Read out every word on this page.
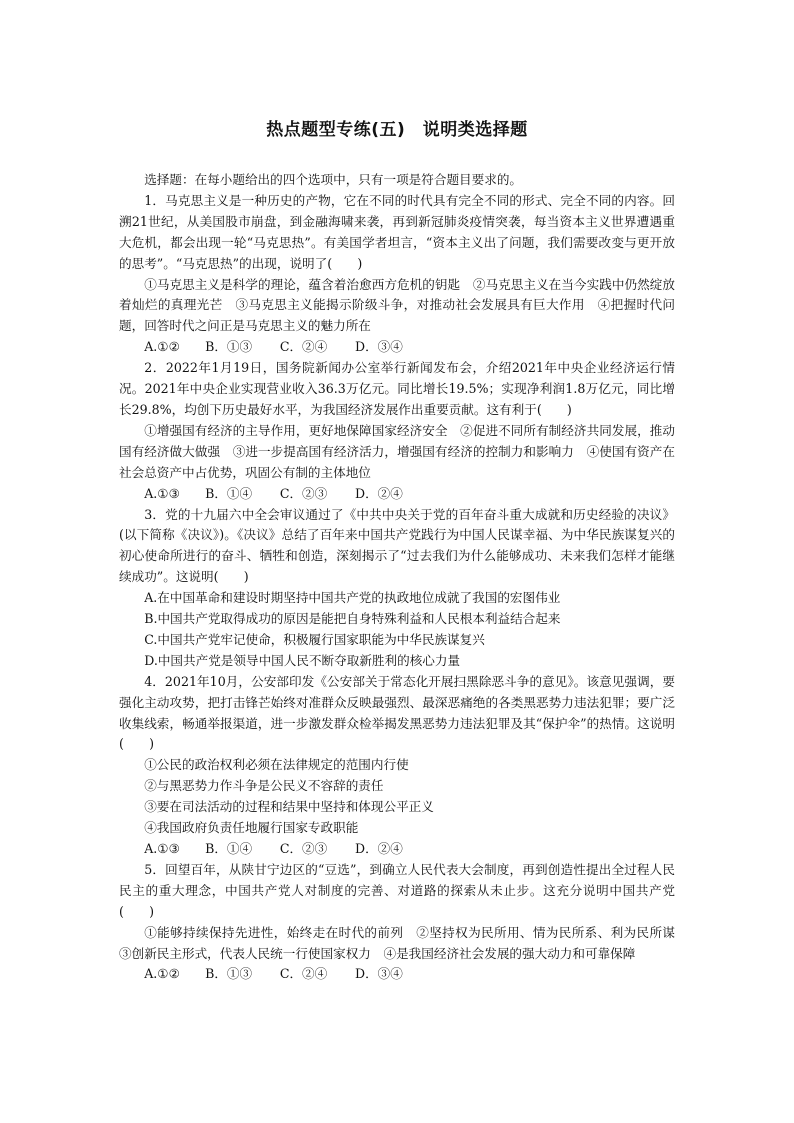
热点题型专练(五)　说明类选择题

选择题：在每小题给出的四个选项中，只有一项是符合题目要求的。

1．马克思主义是一种历史的产物，它在不同的时代具有完全不同的形式、完全不同的内容。回溯21世纪，从美国股市崩盘，到金融海啸来袭，再到新冠肺炎疫情突袭，每当资本主义世界遭遇重大危机，都会出现一轮“马克思热”。有美国学者坦言，“资本主义出了问题，我们需要改变与更开放的思考”。“马克思热”的出现，说明了(　　)

①马克思主义是科学的理论，蕴含着治愈西方危机的钥匙　②马克思主义在当今实践中仍然绽放着灿烂的真理光芒　③马克思主义能揭示阶级斗争，对推动社会发展具有巨大作用　④把握时代问题，回答时代之问正是马克思主义的魅力所在

A.①② B．①③ C．②④ D．③④

2．2022年1月19日，国务院新闻办公室举行新闻发布会，介绍2021年中央企业经济运行情况。2021年中央企业实现营业收入36.3万亿元。同比增长19.5%；实现净利润1.8万亿元，同比增长29.8%，均创下历史最好水平，为我国经济发展作出重要贡献。这有利于(　　)

①增强国有经济的主导作用，更好地保障国家经济安全　②促进不同所有制经济共同发展，推动国有经济做大做强　③进一步提高国有经济活力，增强国有经济的控制力和影响力　④使国有资产在社会总资产中占优势，巩固公有制的主体地位

A.①③ B．①④ C．②③ D．②④

3．党的十九届六中全会审议通过了《中共中央关于党的百年奋斗重大成就和历史经验的决议》(以下简称《决议》)。《决议》总结了百年来中国共产党践行为中国人民谋幸福、为中华民族谋复兴的初心使命所进行的奋斗、牺牲和创造，深刻揭示了“过去我们为什么能够成功、未来我们怎样才能继续成功”。这说明(　　)

A.在中国革命和建设时期坚持中国共产党的执政地位成就了我国的宏图伟业

B.中国共产党取得成功的原因是能把自身特殊利益和人民根本利益结合起来

C.中国共产党牢记使命，积极履行国家职能为中华民族谋复兴

D.中国共产党是领导中国人民不断夺取新胜利的核心力量

4．2021年10月，公安部印发《公安部关于常态化开展扫黑除恶斗争的意见》。该意见强调，要强化主动攻势，把打击锋芒始终对准群众反映最强烈、最深恶痛绝的各类黑恶势力违法犯罪；要广泛收集线索，畅通举报渠道，进一步激发群众检举揭发黑恶势力违法犯罪及其“保护伞”的热情。这说明(　　)

①公民的政治权利必须在法律规定的范围内行使

②与黑恶势力作斗争是公民义不容辞的责任

③要在司法活动的过程和结果中坚持和体现公平正义

④我国政府负责任地履行国家专政职能

A.①③ B．①④ C．②③ D．②④

5．回望百年，从陕甘宁边区的“豆选”，到确立人民代表大会制度，再到创造性提出全过程人民民主的重大理念，中国共产党人对制度的完善、对道路的探索从未止步。这充分说明中国共产党(　　)

①能够持续保持先进性，始终走在时代的前列　②坚持权为民所用、情为民所系、利为民所谋　③创新民主形式，代表人民统一行使国家权力　④是我国经济社会发展的强大动力和可靠保障

A.①② B．①③ C．②④ D．③④
